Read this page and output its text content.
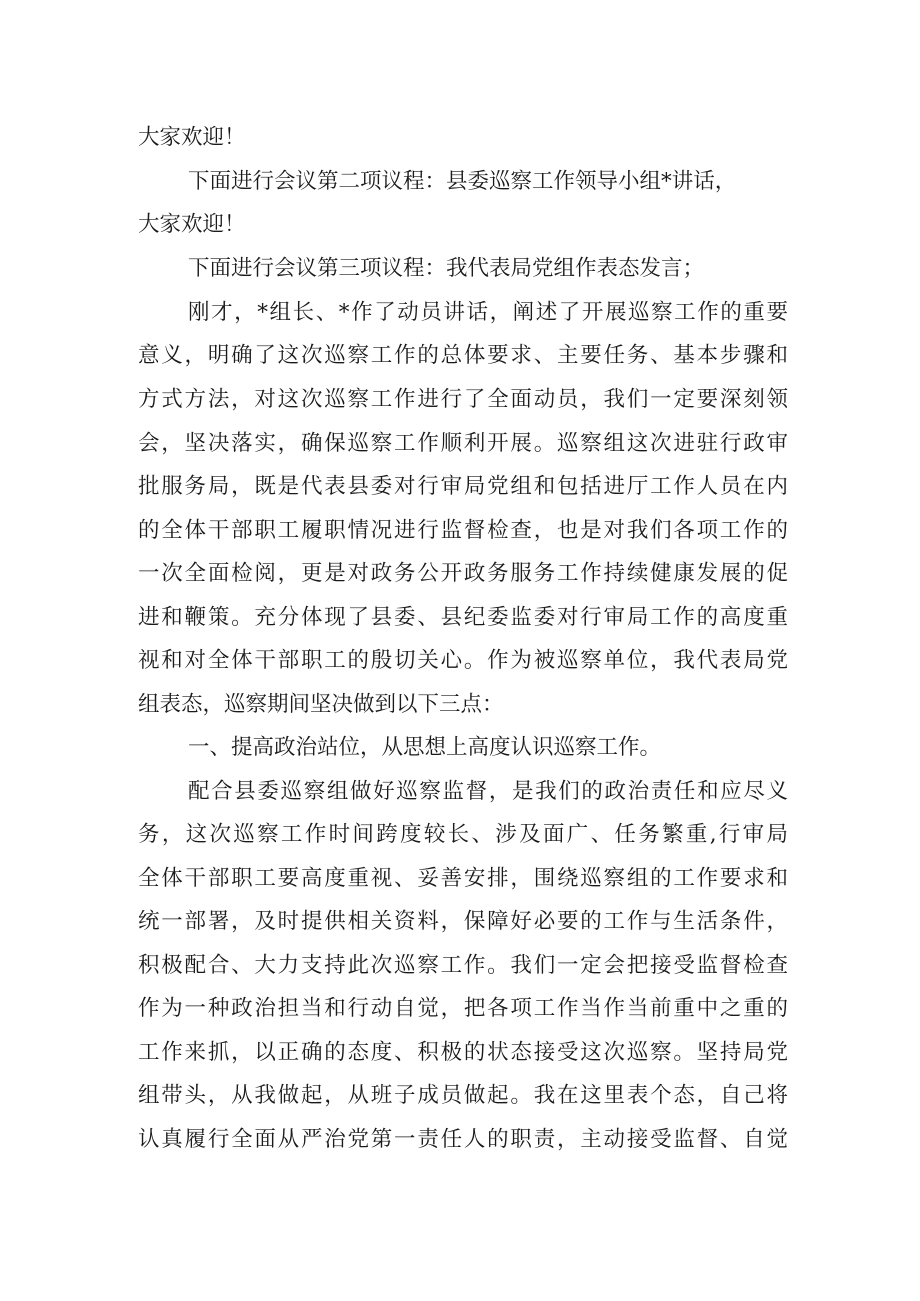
大家欢迎！
下面进行会议第二项议程：县委巡察工作领导小组*讲话，
大家欢迎！
下面进行会议第三项议程：我代表局党组作表态发言；
刚才，*组长、*作了动员讲话，阐述了开展巡察工作的重要
意义，明确了这次巡察工作的总体要求、主要任务、基本步骤和
方式方法，对这次巡察工作进行了全面动员，我们一定要深刻领
会，坚决落实，确保巡察工作顺利开展。巡察组这次进驻行政审
批服务局，既是代表县委对行审局党组和包括进厅工作人员在内
的全体干部职工履职情况进行监督检查，也是对我们各项工作的
一次全面检阅，更是对政务公开政务服务工作持续健康发展的促
进和鞭策。充分体现了县委、县纪委监委对行审局工作的高度重
视和对全体干部职工的殷切关心。作为被巡察单位，我代表局党
组表态，巡察期间坚决做到以下三点：
一、提高政治站位，从思想上高度认识巡察工作。
配合县委巡察组做好巡察监督，是我们的政治责任和应尽义
务，这次巡察工作时间跨度较长、涉及面广、任务繁重,行审局
全体干部职工要高度重视、妥善安排，围绕巡察组的工作要求和
统一部署，及时提供相关资料，保障好必要的工作与生活条件，
积极配合、大力支持此次巡察工作。我们一定会把接受监督检查
作为一种政治担当和行动自觉，把各项工作当作当前重中之重的
工作来抓，以正确的态度、积极的状态接受这次巡察。坚持局党
组带头，从我做起，从班子成员做起。我在这里表个态，自己将
认真履行全面从严治党第一责任人的职责，主动接受监督、自觉
